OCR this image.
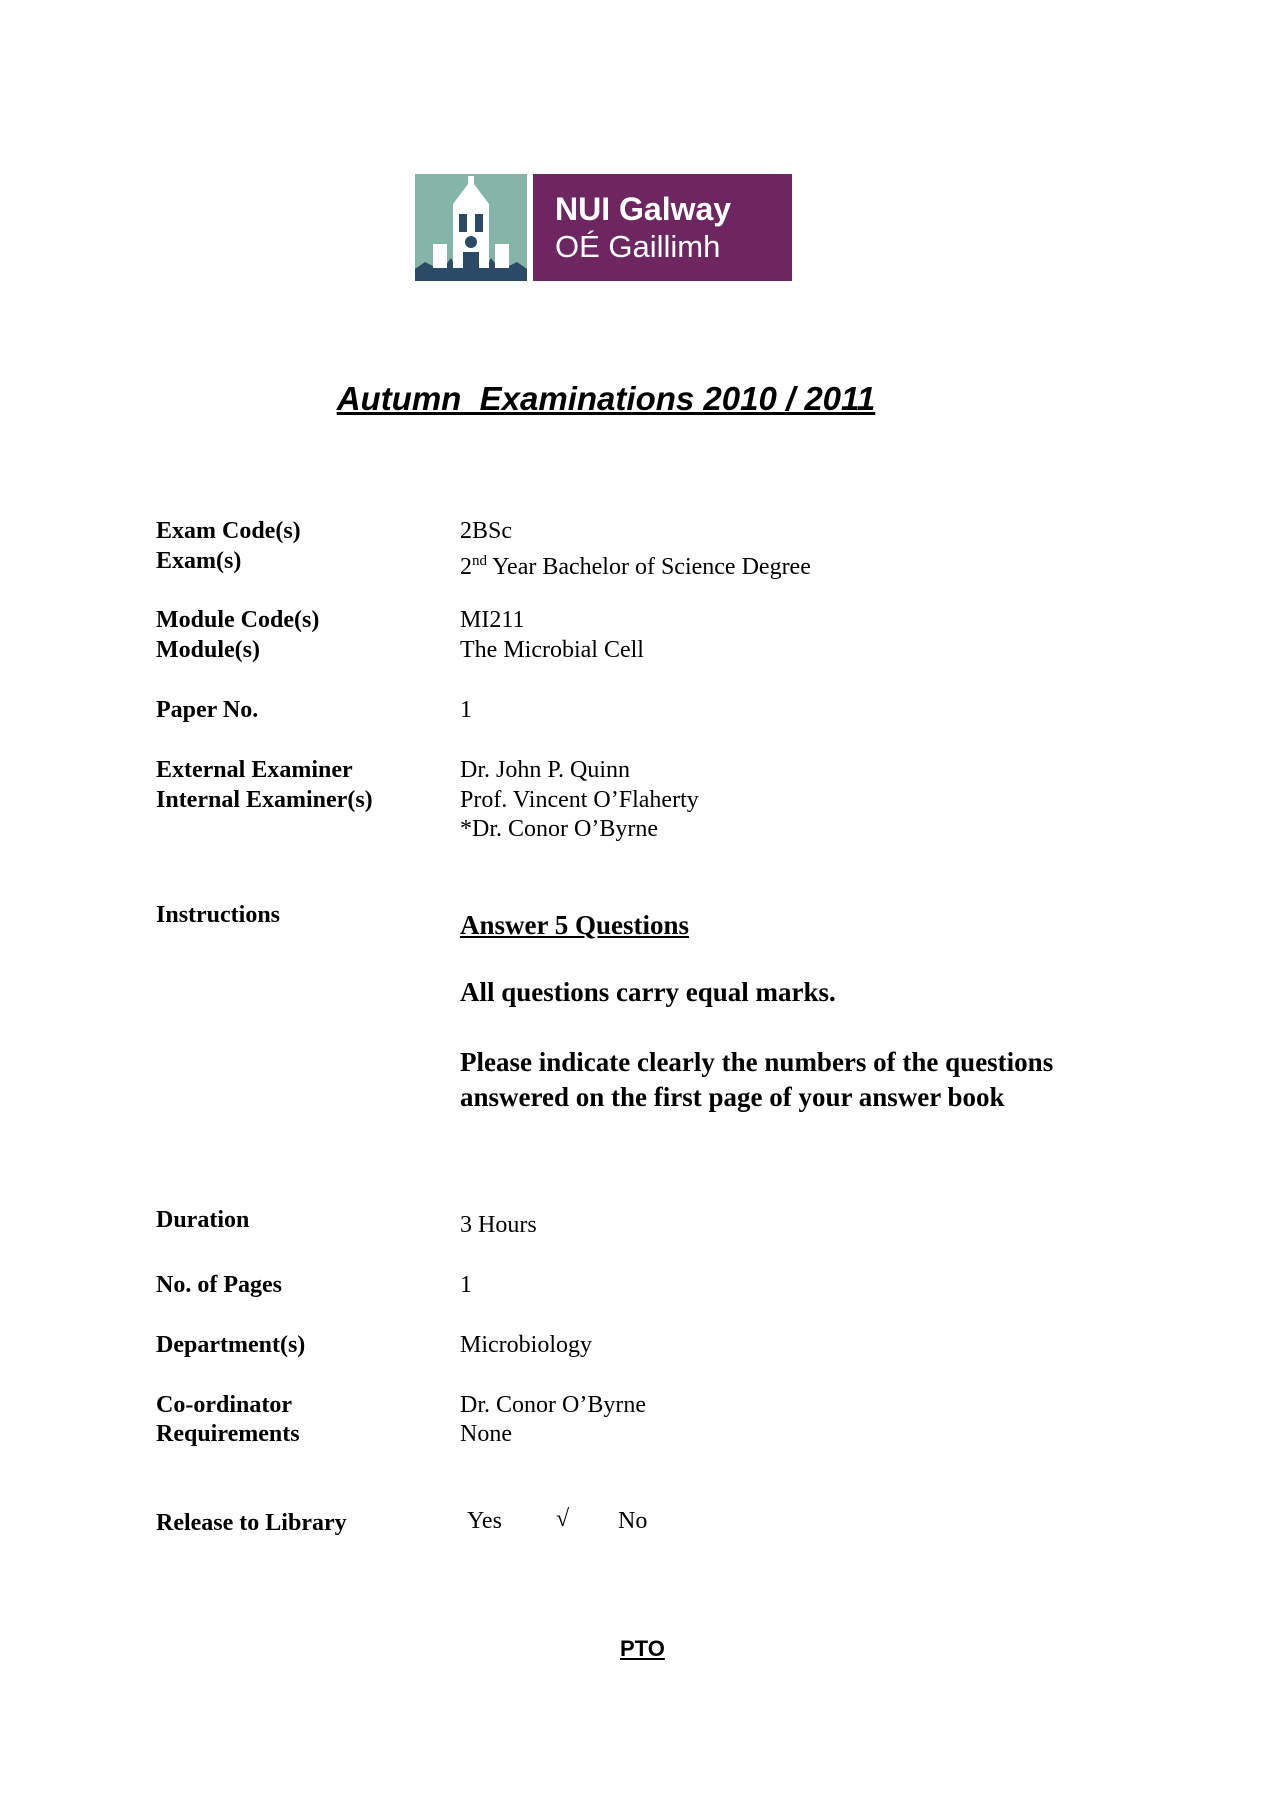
NUI Galway
OÉ Gaillimh
Autumn  Examinations 2010 / 2011
Exam Code(s)	2BSc
Exam(s)	2nd Year Bachelor of Science Degree
Module Code(s)	MI211
Module(s)	The Microbial Cell
Paper No.	1
External Examiner	Dr. John P. Quinn
Internal Examiner(s)	Prof. Vincent O’Flaherty
*Dr. Conor O’Byrne
Instructions	Answer 5 Questions
All questions carry equal marks.
Please indicate clearly the numbers of the questions answered on the first page of your answer book
Duration	3 Hours
No. of Pages	1
Department(s)	Microbiology
Co-ordinator	Dr. Conor O’Byrne
Requirements	None
Release to Library	Yes √ No
PTO
